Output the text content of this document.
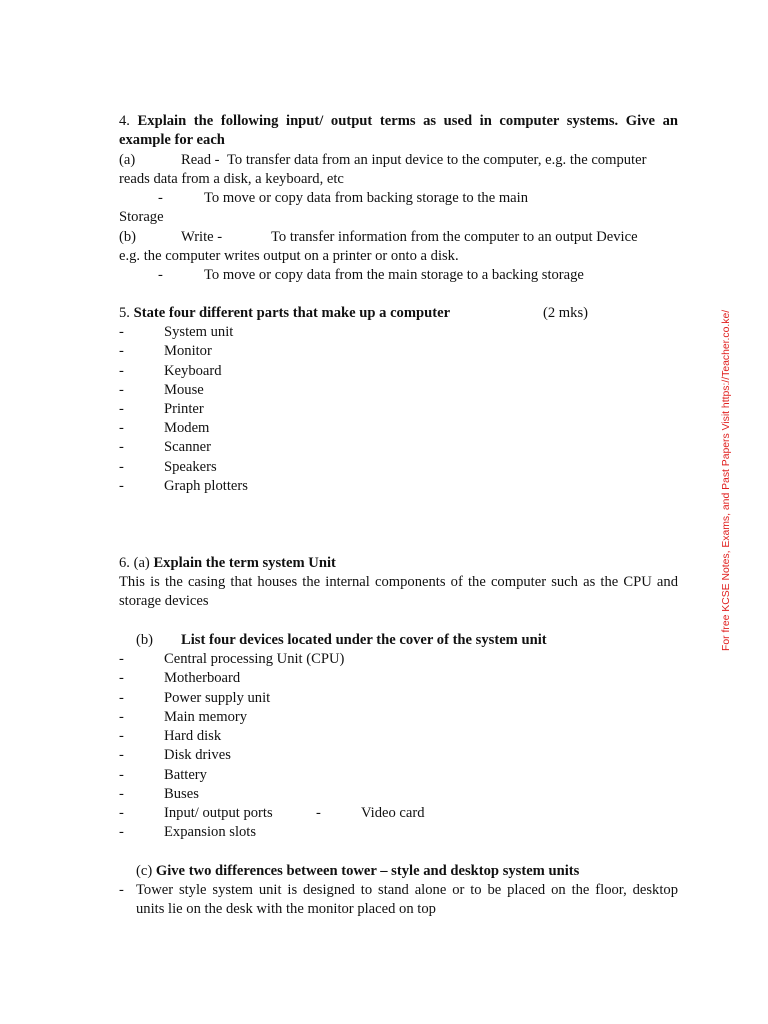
4. Explain the following input/ output terms as used in computer systems. Give an
example for each
(a)	Read - To transfer data from an input device to the computer, e.g. the computer
reads data from a disk, a keyboard, etc
-	To move or copy data from backing storage to the main
Storage
(b)	Write -	To transfer information from the computer to an output Device
e.g. the computer writes output on a printer or onto a disk.
-	To move or copy data from the main storage to a backing storage
5. State four different parts that make up a computer	(2 mks)
-	System unit
-	Monitor
-	Keyboard
-	Mouse
-	Printer
-	Modem
-	Scanner
-	Speakers
-	Graph plotters
6. (a) Explain the term system Unit
This is the casing that houses the internal components of the computer such as the CPU and
storage devices
(b) List four devices located under the cover of the system unit
-	Central processing Unit (CPU)
-	Motherboard
-	Power supply unit
-	Main memory
-	Hard disk
-	Disk drives
-	Battery
-	Buses
-	Input/ output ports	-	Video card
-	Expansion slots
(c) Give two differences between tower – style and desktop system units
- Tower style system unit is designed to stand alone or to be placed on the floor, desktop
units lie on the desk with the monitor placed on top
For free KCSE Notes, Exams, and Past Papers Visit https://Teacher.co.ke/
